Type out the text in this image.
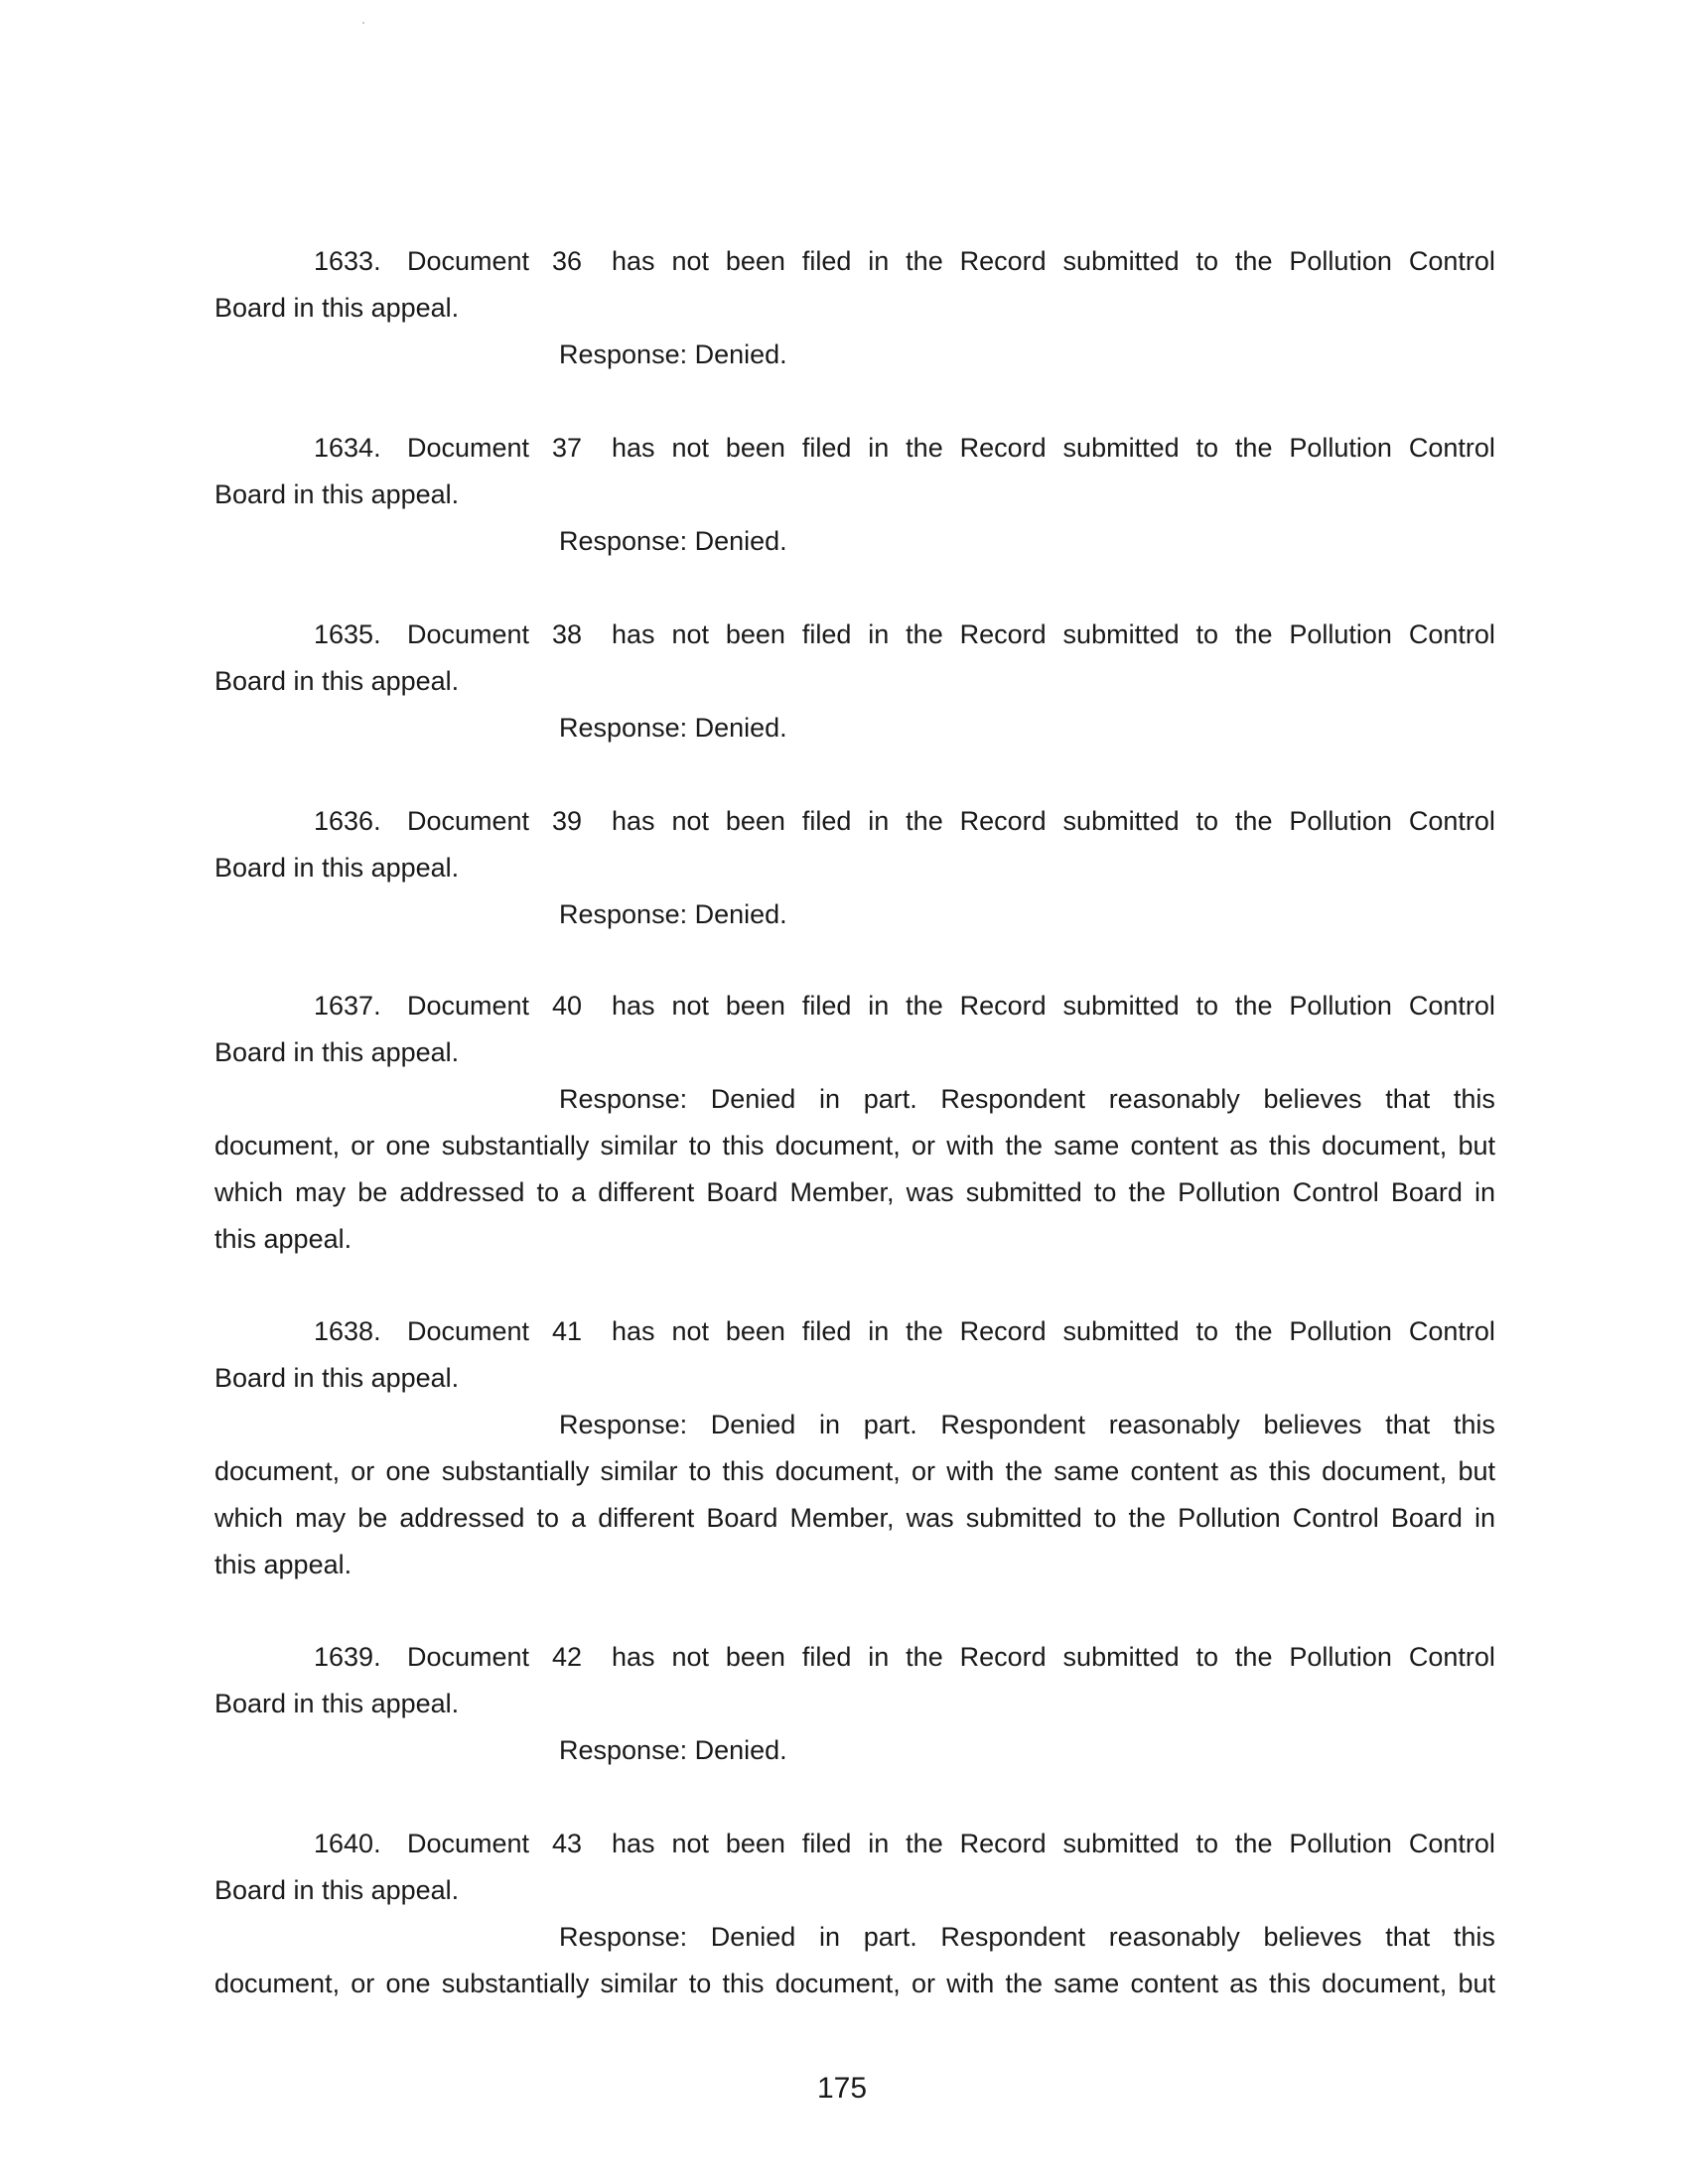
1633. Document 36	has not been filed in the Record submitted to the Pollution Control
Board in this appeal.
Response: Denied.
1634. Document 37	has not been filed in the Record submitted to the Pollution Control
Board in this appeal.
Response: Denied.
1635. Document 38	has not been filed in the Record submitted to the Pollution Control
Board in this appeal.
Response: Denied.
1636. Document 39	has not been filed in the Record submitted to the Pollution Control
Board in this appeal.
Response: Denied.
1637. Document 40	has not been filed in the Record submitted to the Pollution Control
Board in this appeal.
Response: Denied in part. Respondent reasonably believes that this
document, or one substantially similar to this document, or with the same content as this document, but
which may be addressed to a different Board Member, was submitted to the Pollution Control Board in
this appeal.
1638. Document 41	has not been filed in the Record submitted to the Pollution Control
Board in this appeal.
Response: Denied in part. Respondent reasonably believes that this
document, or one substantially similar to this document, or with the same content as this document, but
which may be addressed to a different Board Member, was submitted to the Pollution Control Board in
this appeal.
1639. Document 42	has not been filed in the Record submitted to the Pollution Control
Board in this appeal.
Response: Denied.
1640. Document 43	has not been filed in the Record submitted to the Pollution Control
Board in this appeal.
Response: Denied in part. Respondent reasonably believes that this
document, or one substantially similar to this document, or with the same content as this document, but
175
